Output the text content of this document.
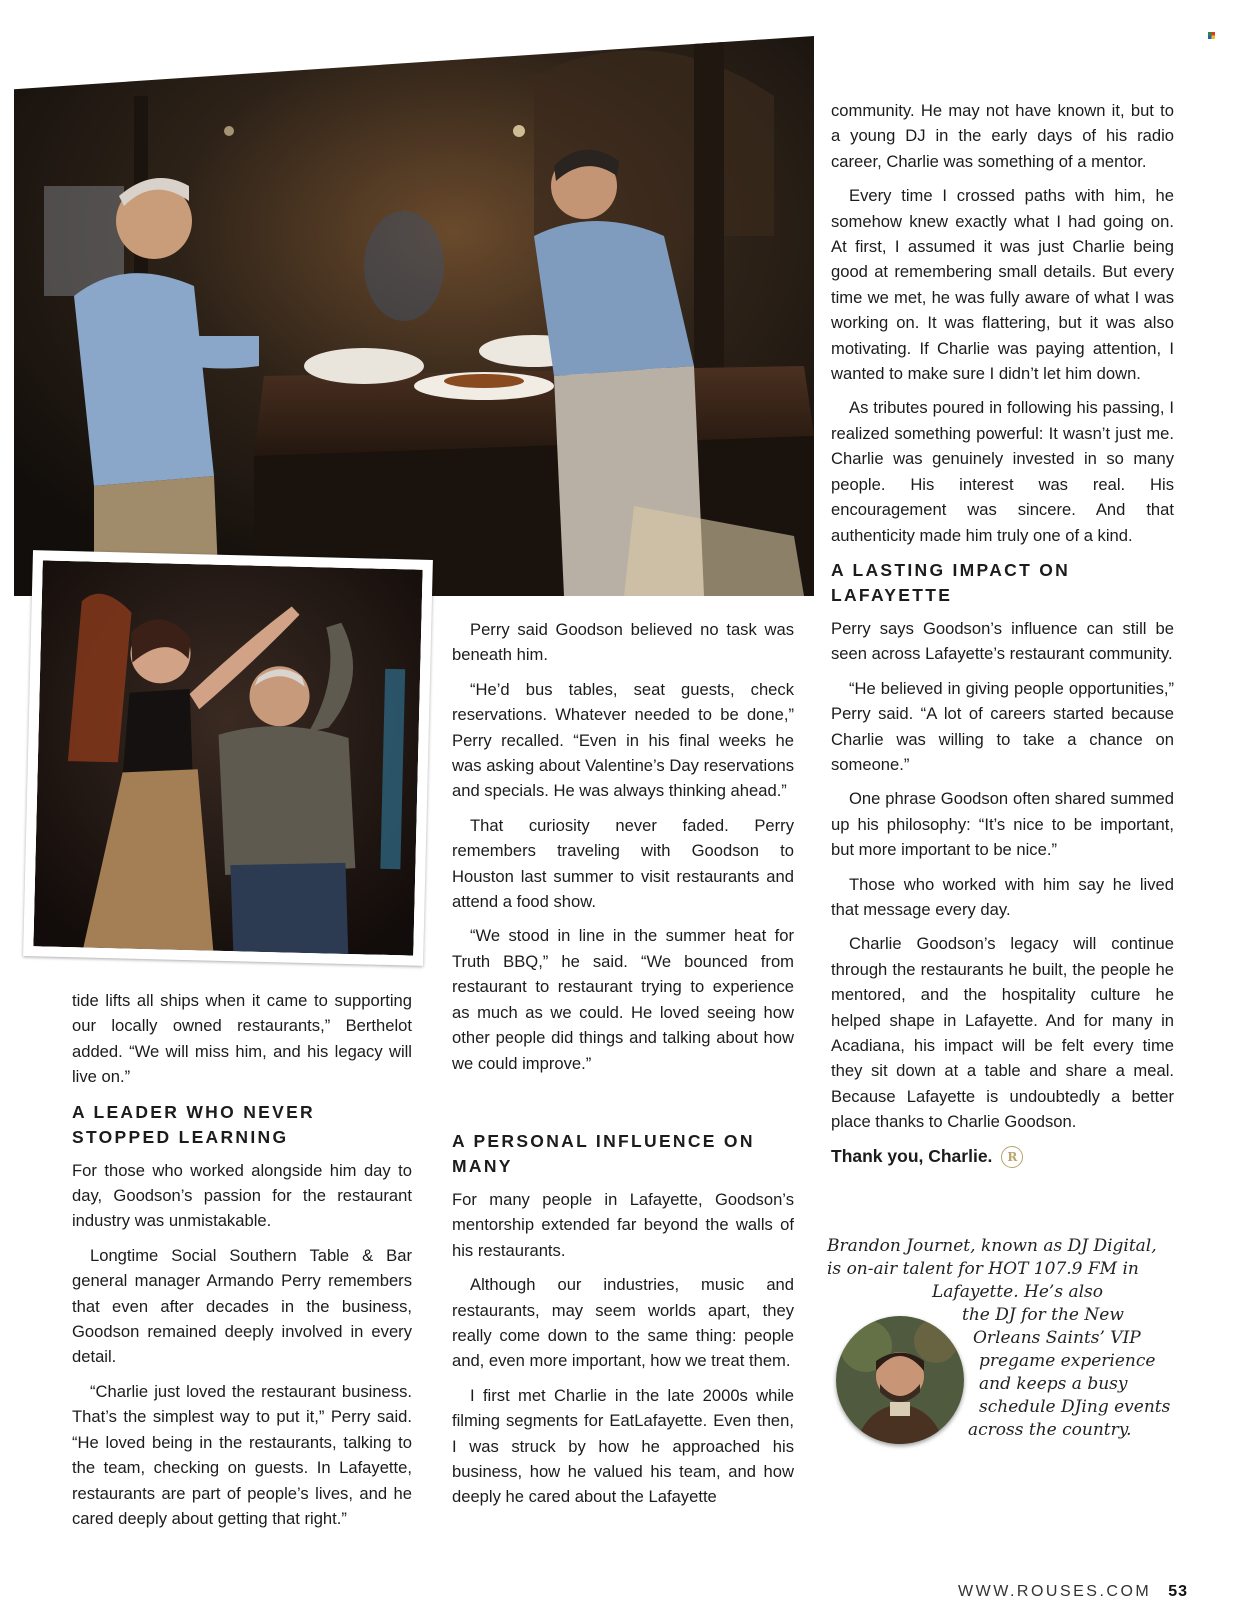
tide lifts all ships when it came to supporting our locally owned restaurants,” Berthelot added. “We will miss him, and his legacy will live on.”

A LEADER WHO NEVER STOPPED LEARNING

For those who worked alongside him day to day, Goodson’s passion for the restaurant industry was unmistakable.

Longtime Social Southern Table & Bar general manager Armando Perry remembers that even after decades in the business, Goodson remained deeply involved in every detail.

“Charlie just loved the restaurant business. That’s the simplest way to put it,” Perry said. “He loved being in the restaurants, talking to the team, checking on guests. In Lafayette, restaurants are part of people’s lives, and he cared deeply about getting that right.”

Perry said Goodson believed no task was beneath him.

“He’d bus tables, seat guests, check reservations. Whatever needed to be done,” Perry recalled. “Even in his final weeks he was asking about Valentine’s Day reservations and specials. He was always thinking ahead.”

That curiosity never faded. Perry remembers traveling with Goodson to Houston last summer to visit restaurants and attend a food show.

“We stood in line in the summer heat for Truth BBQ,” he said. “We bounced from restaurant to restaurant trying to experience as much as we could. He loved seeing how other people did things and talking about how we could improve.”

A PERSONAL INFLUENCE ON MANY

For many people in Lafayette, Goodson’s mentorship extended far beyond the walls of his restaurants.

Although our industries, music and restaurants, may seem worlds apart, they really come down to the same thing: people and, even more important, how we treat them.

I first met Charlie in the late 2000s while filming segments for EatLafayette. Even then, I was struck by how he approached his business, how he valued his team, and how deeply he cared about the Lafayette

community. He may not have known it, but to a young DJ in the early days of his radio career, Charlie was something of a mentor.

Every time I crossed paths with him, he somehow knew exactly what I had going on. At first, I assumed it was just Charlie being good at remembering small details. But every time we met, he was fully aware of what I was working on. It was flattering, but it was also motivating. If Charlie was paying attention, I wanted to make sure I didn’t let him down.

As tributes poured in following his passing, I realized something powerful: It wasn’t just me. Charlie was genuinely invested in so many people. His interest was real. His encouragement was sincere. And that authenticity made him truly one of a kind.

A LASTING IMPACT ON LAFAYETTE

Perry says Goodson’s influence can still be seen across Lafayette’s restaurant community.

“He believed in giving people opportunities,” Perry said. “A lot of careers started because Charlie was willing to take a chance on someone.”

One phrase Goodson often shared summed up his philosophy: “It’s nice to be important, but more important to be nice.”

Those who worked with him say he lived that message every day.

Charlie Goodson’s legacy will continue through the restaurants he built, the people he mentored, and the hospitality culture he helped shape in Lafayette. And for many in Acadiana, his impact will be felt every time they sit down at a table and share a meal. Because Lafayette is undoubtedly a better place thanks to Charlie Goodson.

Thank you, Charlie. R
Brandon Journet, known as DJ Digital,
is on-air talent for HOT 107.9 FM in
Lafayette. He’s also
the DJ for the New
Orleans Saints’ VIP
pregame experience
and keeps a busy
schedule DJing events
across the country.
WWW.ROUSES.COM 53
